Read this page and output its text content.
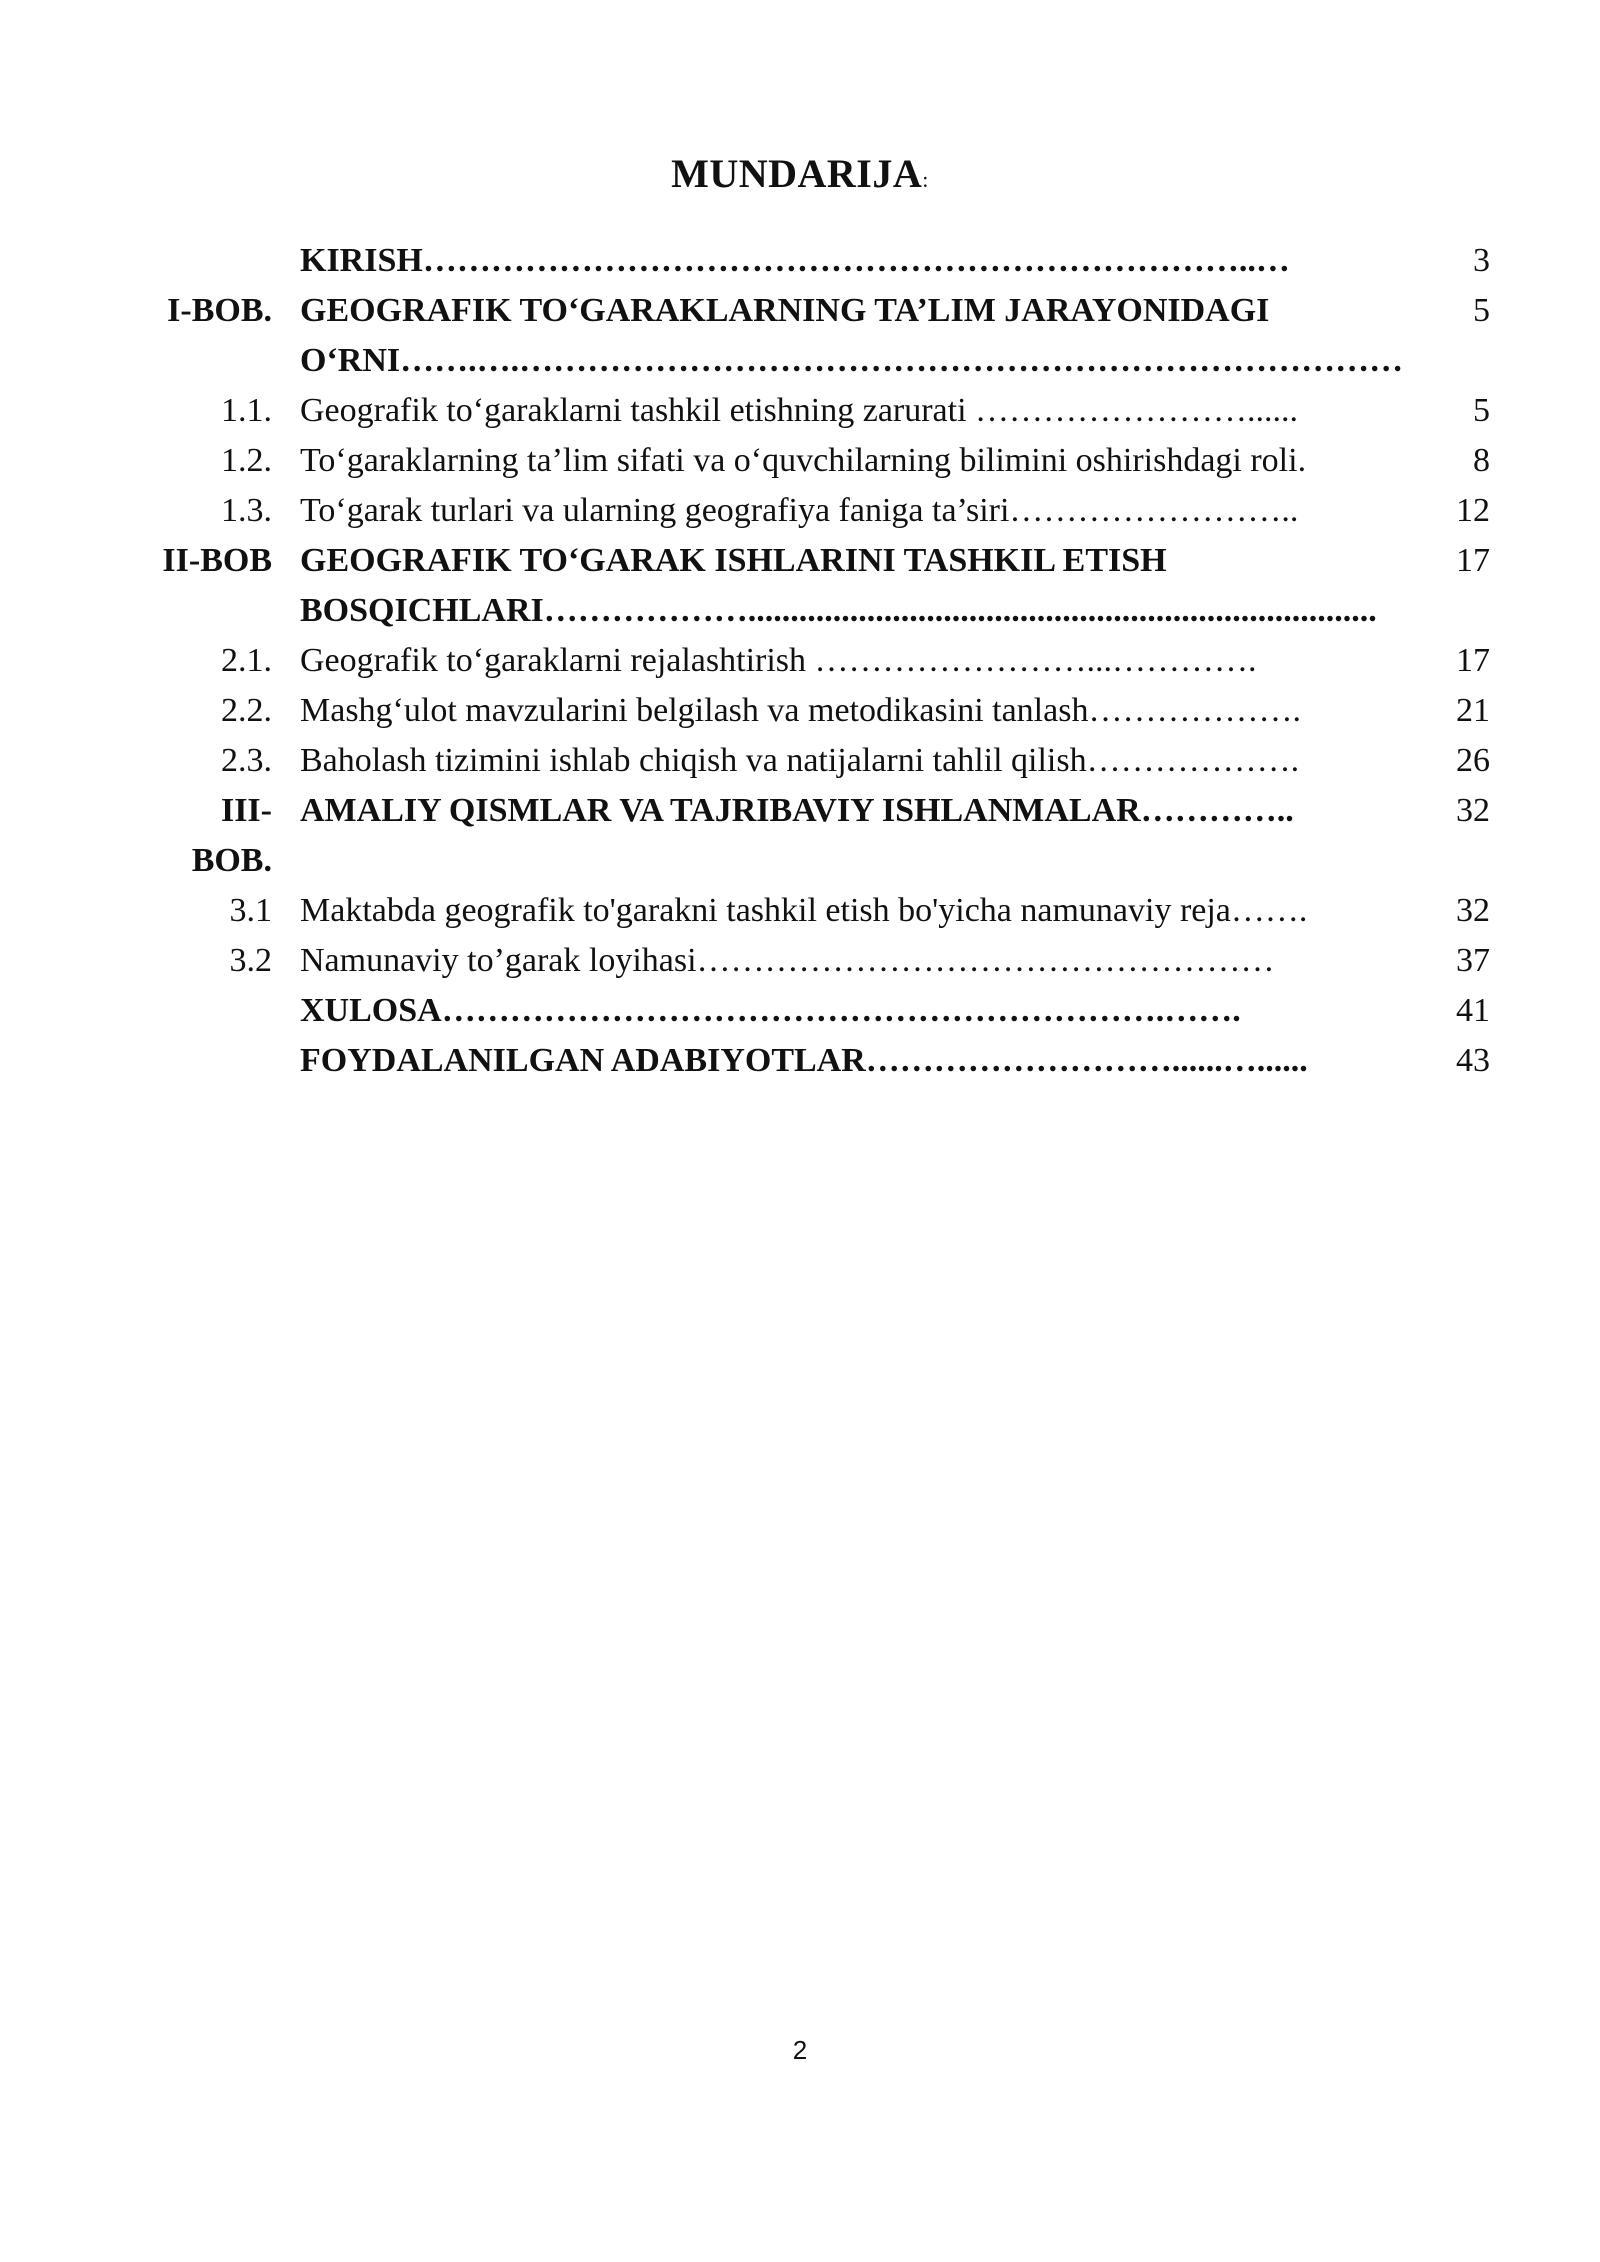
MUNDARIJA:
KIRISH………………………………………………………………..…	3
I-BOB. GEOGRAFIK TO‘GARAKLARNING TA’LIM JARAYONIDAGI	5
O‘RNI…….….……………………………………………………………………
1.1. Geografik to‘garaklarni tashkil etishning zarurati ……………………......	5
1.2. To‘garaklarning ta’lim sifati va o‘quvchilarning bilimini oshirishdagi roli.	8
1.3. To‘garak turlari va ularning geografiya faniga ta’siri……………………..	12
II-BOB GEOGRAFIK TO‘GARAK ISHLARINI TASHKIL ETISH	17
BOSQICHLARI………………..........................................................................
2.1. Geografik to‘garaklarni rejalashtirish ……………………...………….	17
2.2. Mashg‘ulot mavzularini belgilash va metodikasini tanlash……………….	21
2.3. Baholash tizimini ishlab chiqish va natijalarni tahlil qilish……………….	26
III- AMALIY QISMLAR VA TAJRIBAVIY ISHLANMALAR…………..	32
BOB.
3.1 Maktabda geografik to'garakni tashkil etish bo'yicha namunaviy reja…….	32
3.2 Namunaviy to’garak loyihasi……………………………………………	37
XULOSA……………………………………………………….…….	41
FOYDALANILGAN ADABIYOTLAR………………………......…......	43
2
